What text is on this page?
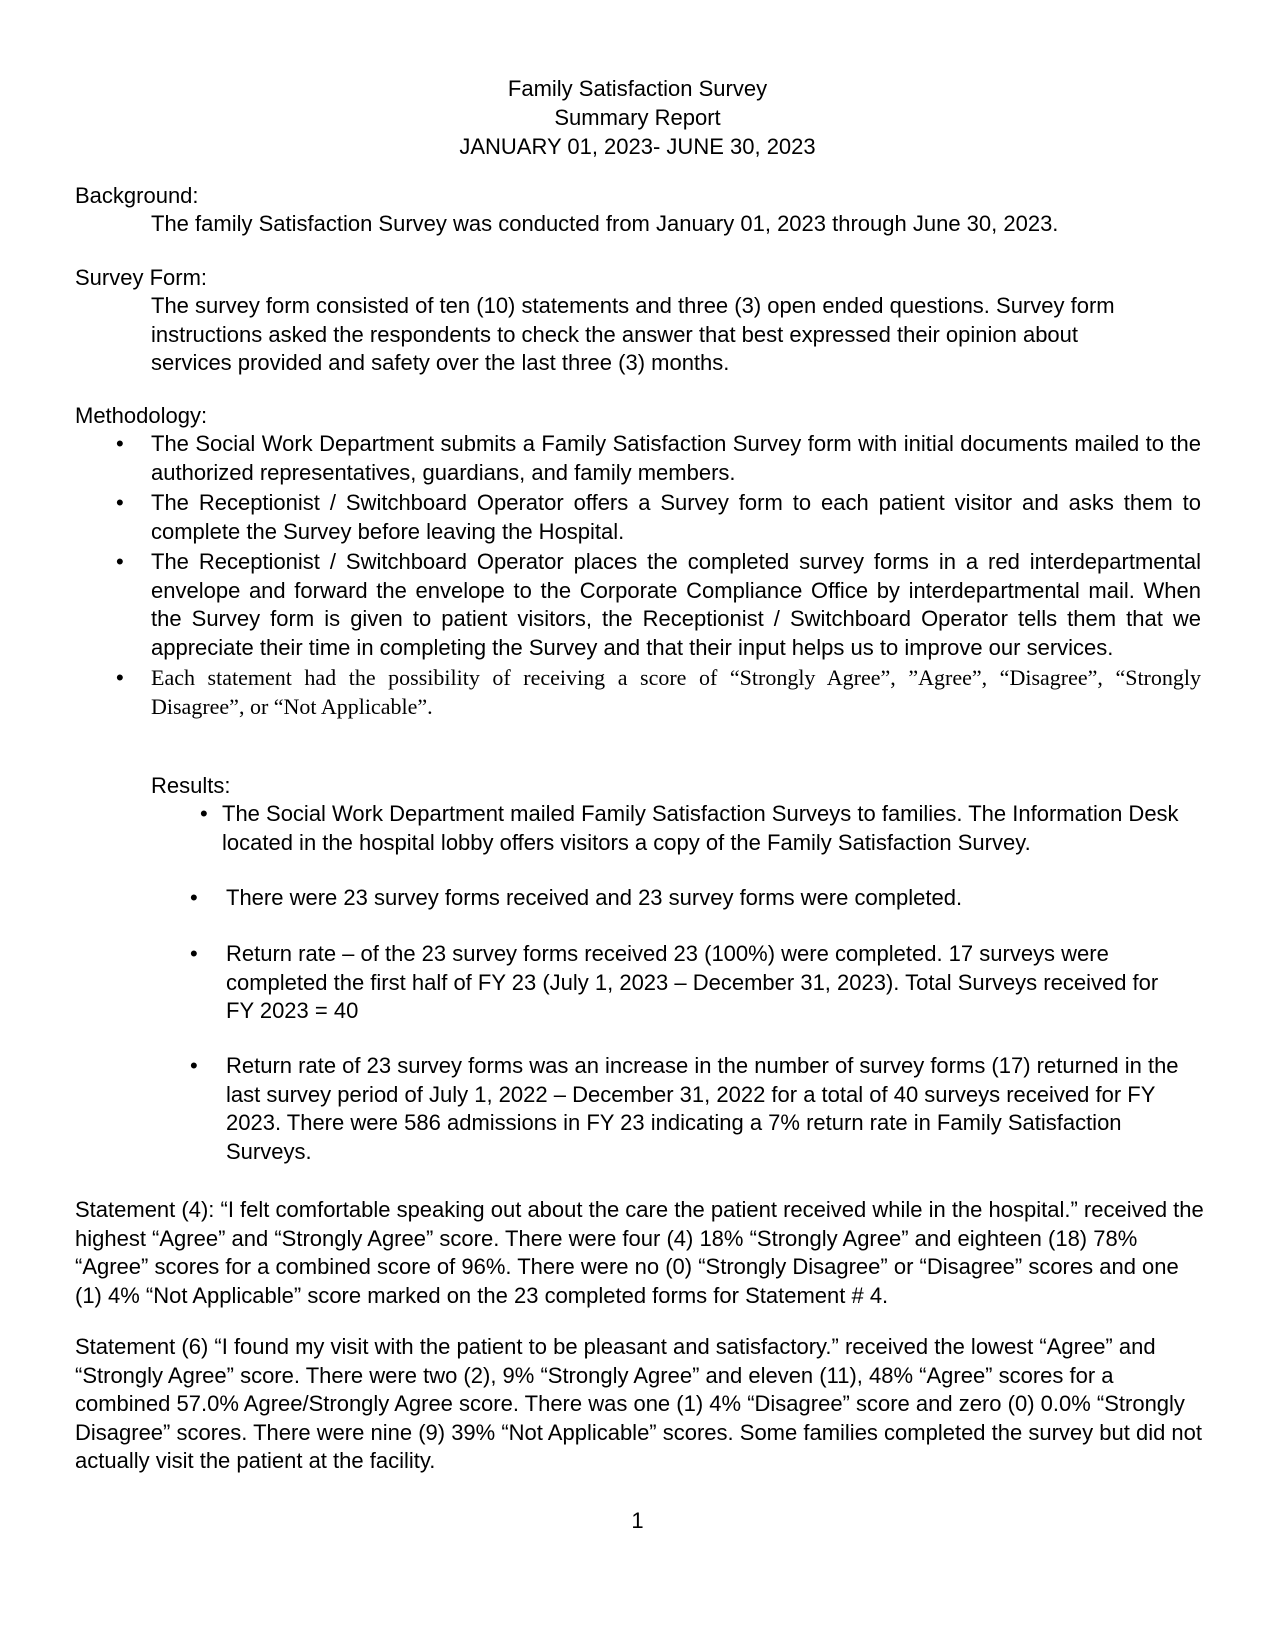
Family Satisfaction Survey
Summary Report
JANUARY 01, 2023- JUNE 30, 2023
Background:
The family Satisfaction Survey was conducted from January 01, 2023 through June 30, 2023.
Survey Form:
The survey form consisted of ten (10) statements and three (3) open ended questions. Survey form instructions asked the respondents to check the answer that best expressed their opinion about services provided and safety over the last three (3) months.
Methodology:
• The Social Work Department submits a Family Satisfaction Survey form with initial documents mailed to the authorized representatives, guardians, and family members.
• The Receptionist / Switchboard Operator offers a Survey form to each patient visitor and asks them to complete the Survey before leaving the Hospital.
• The Receptionist / Switchboard Operator places the completed survey forms in a red interdepartmental envelope and forward the envelope to the Corporate Compliance Office by interdepartmental mail. When the Survey form is given to patient visitors, the Receptionist / Switchboard Operator tells them that we appreciate their time in completing the Survey and that their input helps us to improve our services.
• Each statement had the possibility of receiving a score of “Strongly Agree”, ”Agree”, “Disagree”, “Strongly Disagree”, or “Not Applicable”.
Results:
• The Social Work Department mailed Family Satisfaction Surveys to families. The Information Desk located in the hospital lobby offers visitors a copy of the Family Satisfaction Survey.
• There were 23 survey forms received and 23 survey forms were completed.
• Return rate – of the 23 survey forms received 23 (100%) were completed. 17 surveys were completed the first half of FY 23 (July 1, 2023 – December 31, 2023). Total Surveys received for FY 2023 = 40
• Return rate of 23 survey forms was an increase in the number of survey forms (17) returned in the last survey period of July 1, 2022 – December 31, 2022 for a total of 40 surveys received for FY 2023. There were 586 admissions in FY 23 indicating a 7% return rate in Family Satisfaction Surveys.
Statement (4): “I felt comfortable speaking out about the care the patient received while in the hospital.” received the highest “Agree” and “Strongly Agree” score. There were four (4) 18% “Strongly Agree” and eighteen (18) 78% “Agree” scores for a combined score of 96%. There were no (0) “Strongly Disagree” or “Disagree” scores and one (1) 4% “Not Applicable” score marked on the 23 completed forms for Statement # 4.
Statement (6) “I found my visit with the patient to be pleasant and satisfactory.” received the lowest “Agree” and “Strongly Agree” score. There were two (2), 9% “Strongly Agree” and eleven (11), 48% “Agree” scores for a combined 57.0% Agree/Strongly Agree score. There was one (1) 4% “Disagree” score and zero (0) 0.0% “Strongly Disagree” scores. There were nine (9) 39% “Not Applicable” scores. Some families completed the survey but did not actually visit the patient at the facility.
1
